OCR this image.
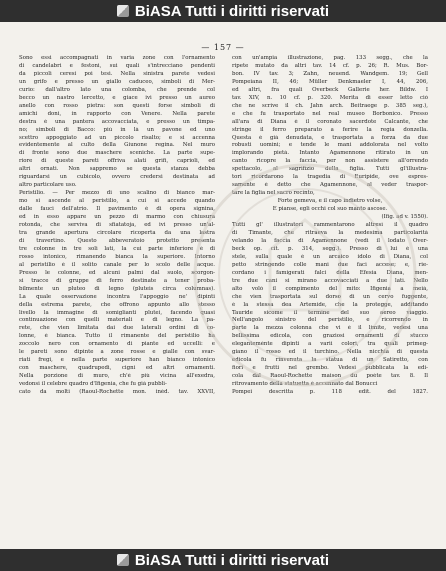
BiASA Tutti i diritti riservati
— 157 —
Sono essi accompagnati in varia zone con l'ornamento
di candelabri e festoni, sui quali s'intrecciano pendenti
da piccoli ceresi poi tesi. Nella sinistra parete vedesi
un grifo e presso un giallo caduceo, simboli di Mer-
curio: dall'altro lato una colomba, che prende col
becco un nastro lercetto, e giace ivi presso un aureo
anello con rosso pietra: son questi forse simboli di
amichi doni, in rapporto con Venere. Nella parete
destra è una pantera accovacciata, e presso un timpa-
no; simboli di Bacco: più in là un pavone ed uno
scettro appoggiato ad un piccolo risalto; e si accenna
evidentemente al culto della Giunone regina. Nel muro
di fronte sono due maschere sceniche. La parte supe-
riore di queste pareti offriva alati grifi, caprioli, ed
altri ornati. Non sappremo se questa stanza debba
riguardarsi un cubicolo, ovvero credersi destinata ad
altro particolare uso.
Peristilio. — Per mezzo di uno scalino di bianco mar-
mo si ascende al peristilio, a cui si accede quando
dalle fauci dell'atrio. Il pavimento è di opera signina,
ed in esso appare un pezzo di marmo con chiusura
rotonda, che serviva di sfiatatoja, ed ivi presso un'al-
tra grande apertura circolare ricoperta da una lastra
di travertino. Questo abbeveratoio protetto presenta
tre colonne in tre soli lati, la cui parte inferiore è di
rosso intonico, rimanendo bianca la superiore. Intorno
al peristilio è il solito canale per lo scolo delle acque.
Presso le colonne, ed alcuni palmi dal suolo, scorgon-
si tracce di gruppe di ferro destinate a tener proba-
bilmente un pluteo di legno (pluteis circa columnas).
La quale osservazione incontra l'appoggio ne' dipinti
della estrema parete, che offrono appunto allo stesso
livello la immagine di somiglianti plutei, facendo quasi
continuazione con quelli materiali e di legno. La pa-
rete, che vien limitata dai due laterali ordini di co-
lonne, è bianca. Tutto il rimanente del peristilio ha
zoccolo nero con ornamento di piante ed uccelli: e
le pareti sono dipinte a zone rosse e gialle con svar-
riati fregi, e nella parte superiore han bianco intonico
con maschere, quadrupedi, cigni ed altri ornamenti.
Nella porzione di muro, ch'è più vicina all'exedra,
vedonsi il celebre quadro d'Ifigenia, che fu già pubbli-
cato da molti (Raoul-Rochette mon. inéd. tav. XXVII,
con un'ampia illustrazione, pag. 133 segg., che la
ripete mutato da altri tav. 14 cf. p. 26; R. Mus. Bor-
bon. IV tav. 3; Zahn, neuend. Wandgem. 19; Gell
Pompeiana II, 46; Müller Denkmaeler I, 44, 206,
ed altri, fra quali Overbeck Gallerie her. Bildw. I
tav. XIV, n. 10 cf. p. 320. Merita di esser letto ciò
che ne scrive il ch. Jahn arch. Beitraege p. 385 seg.),
e che fu trasportato nel real museo Borbonico. Presso
all'ara di Diana è il coronato sacerdote Calcante, che
stringe il ferro preparato a ferire la regia donzella.
Questa è già denudata, e trasportata a forza da due
robusti uomini; e tende le mani addolorata nel volto
implorando pietà. Intanto Agamennone ritirato in un
canto ricopre la faccia, per non assistere all'orrendo
spettacolo, al sagrifizio della figlia. Tutti gl'illustra-
tori ricordarono la tragedia di Euripide, ove espres-
samente è detto che Agamennone, al veder traspor-
tare la figlia nel sacro recinto,
Forte gemeva, e il capo indietro volse,
E pianse, egli occhi col suo manto ascose.
(Ifig. ad v. 1550).
Tutti gl' illustratori rammentarono altresì il quadro
di Timante, che ritraeva la medesima particolarità
velando la faccia di Agamennone (vedi il lodato Over-
beck op. cit. p. 314, segg.). Presso di lui è una
stele, sulla quale è un arcaico idolo di Diana, col
petto stringendo colle mani due faci accese; e, rie-
cordano i famigerati falci della Efesia Diana, men-
tre due cani si mirano accovacciati a due lati. Nello
alto volò il compimento del mito: Ifigenia a meià,
che vien trasportata sul dorso di un cervo fuggente,
è la stessa dea Artemide, che la protegge, additando
Tauride sicome il termine del suo aereo viaggio.
Nell'angolo sinistro del peristilio, e ricorrendo in
parte la mezza colonna che vi è il limite, vedesi una
bellissima edicola, con graziosi ornamenti di stucco
eleganteménte dipinti a varii colori, tra quali primeg-
giano il rosso ed il turchino. Nella nicchia di questa
edicola fu rinvenuta la statua di un Satiretto, con
fiori e frutti nel grembo. Vedesi pubblicata la edi-
cola dal Raoul-Rochette maison du poète tav. 8. Il
ritrovamento della statuetta è accennato dal Bonucci
Pompei descritta p. 118 edit. del 1827.
BiASA Tutti i diritti riservati
